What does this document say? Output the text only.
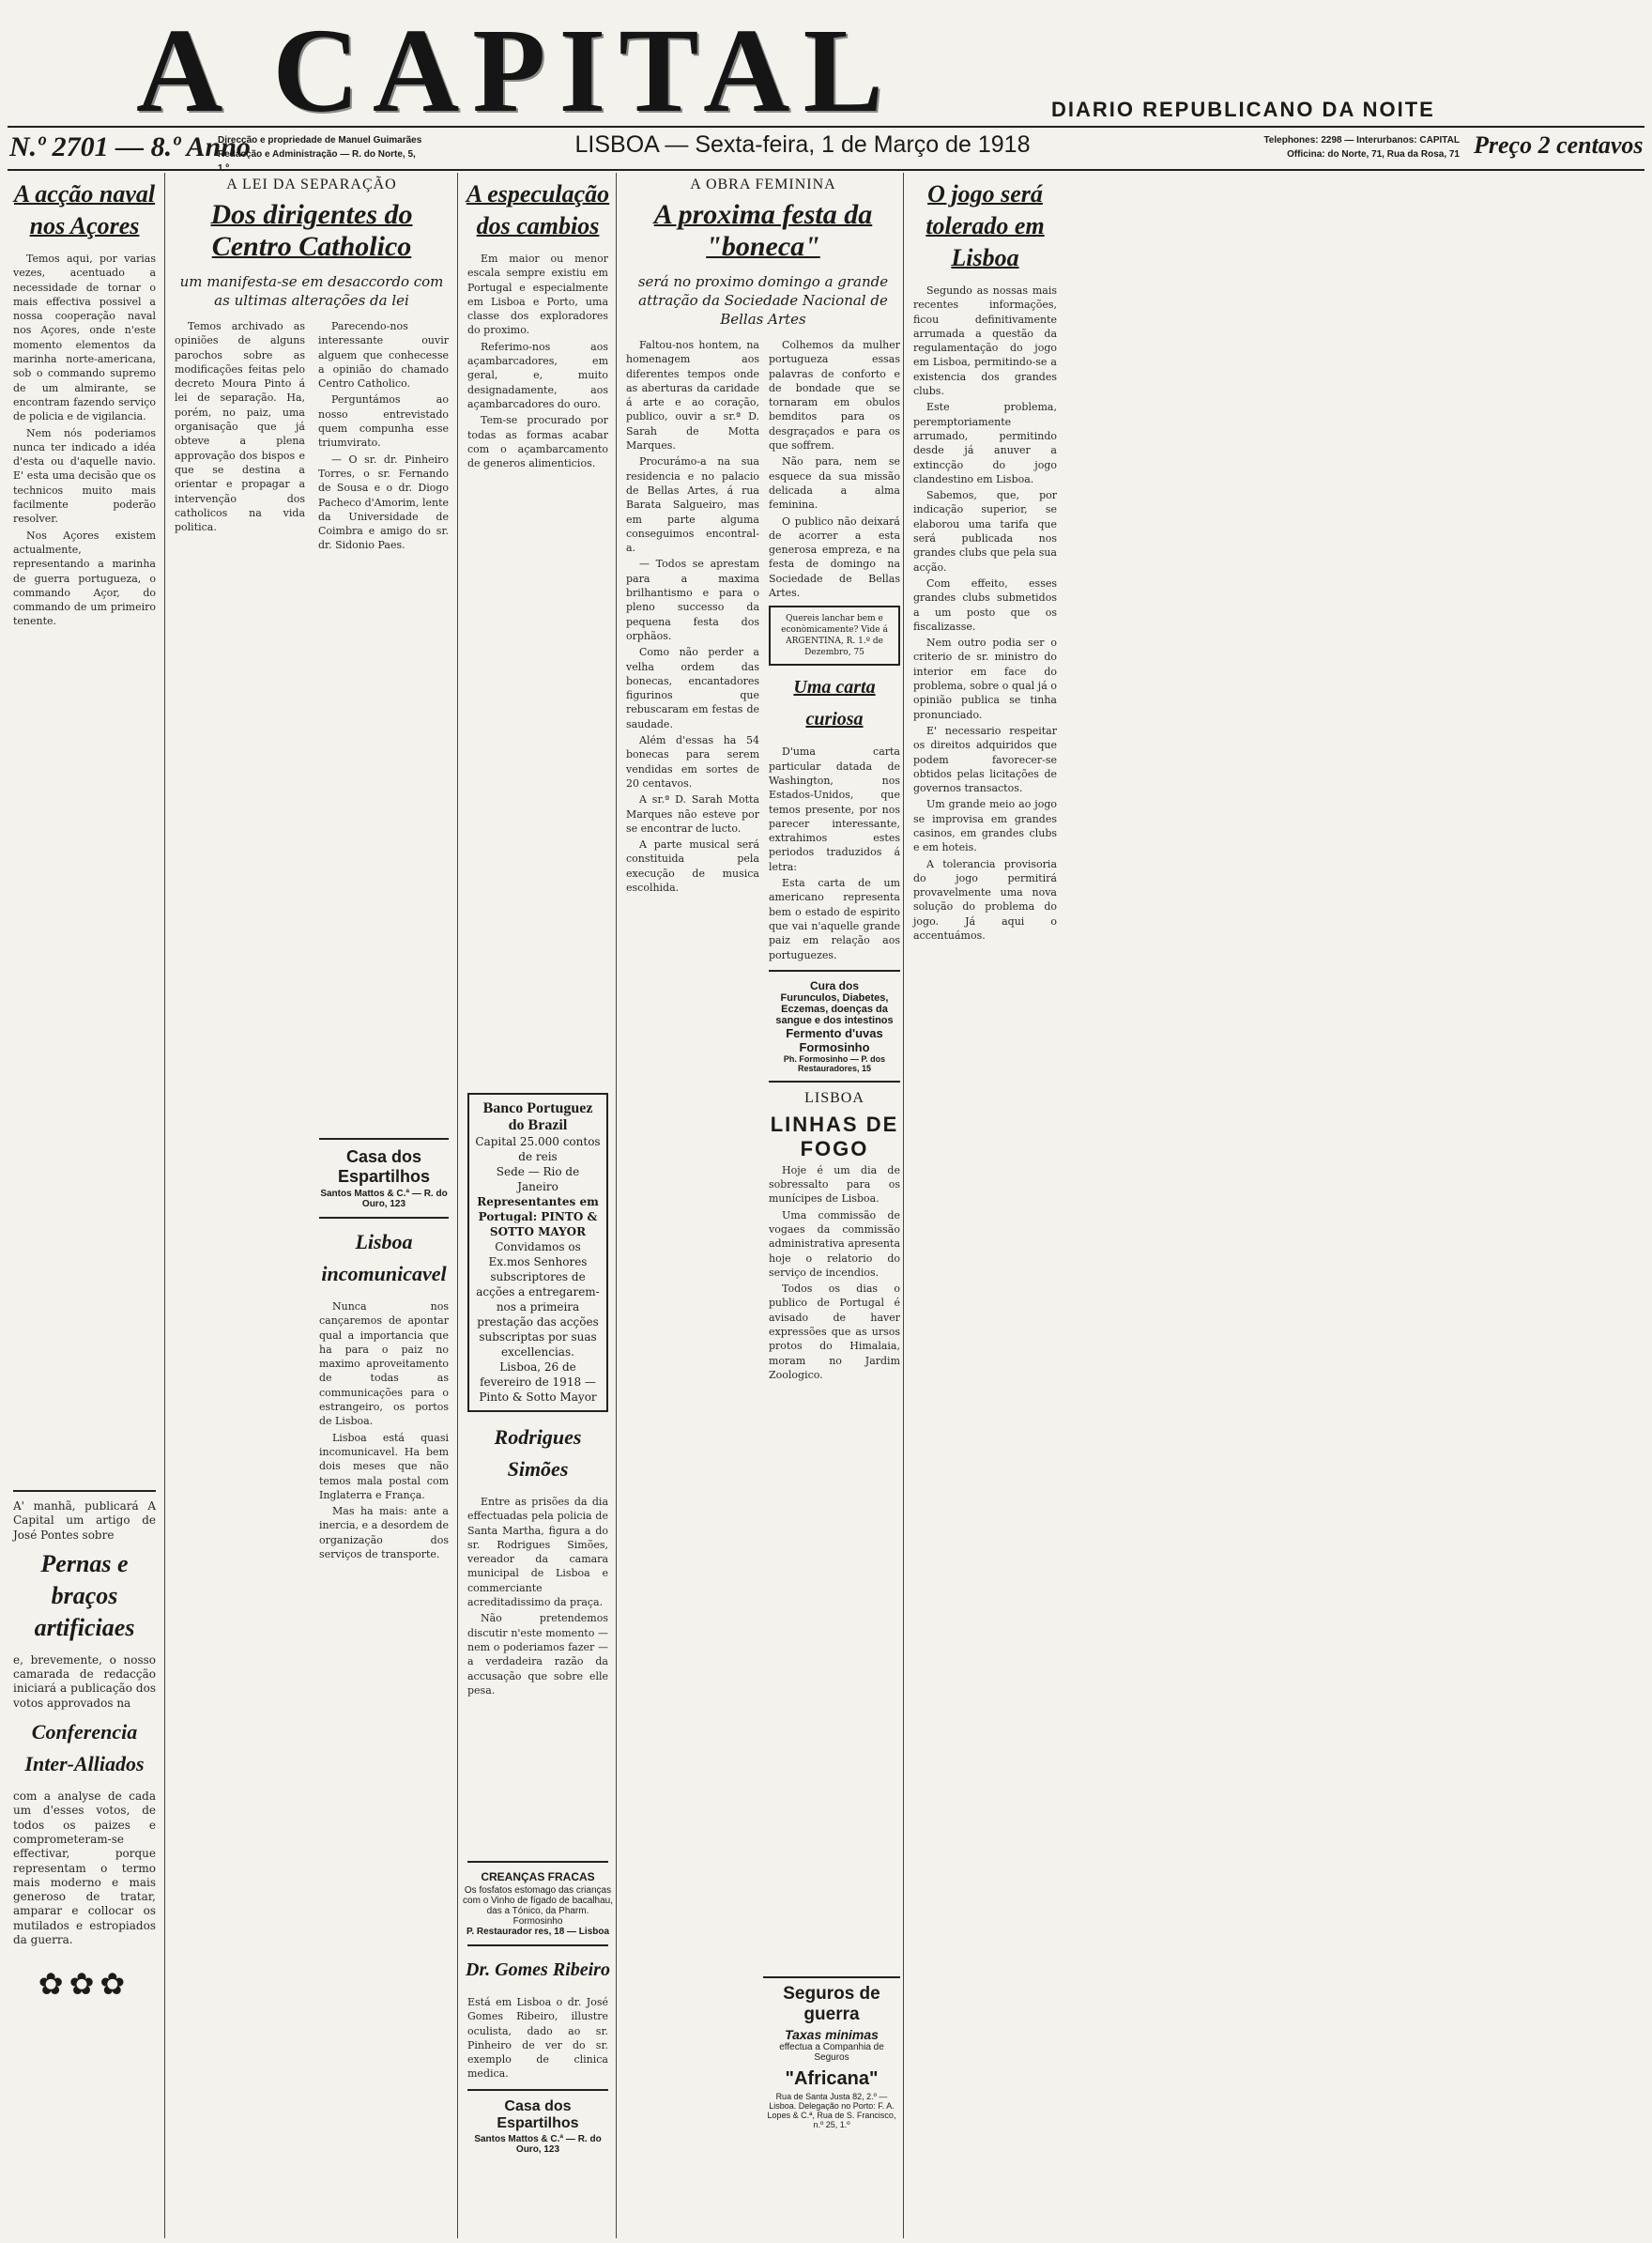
A CAPITAL	DIARIO REPUBLICANO DA NOITE
N.º 2701 — 8.º Anno
Direcção e propriedade de Manuel Guimarães
Redacção e Administração — R. do Norte, 5, 1.º
LISBOA — Sexta-feira, 1 de Março de 1918	Telephones: 2298 — Interurbanos: CAPITAL
Officina: do Norte, 71, Rua da Rosa, 71 Preço 2 centavos
A acção naval nos Açores

Temos aqui, por varias vezes, acentuado a necessidade de tornar o mais effectiva possivel a nossa cooperação naval nos Açores, onde n'este momento elementos da marinha norte-americana, sob o commando supremo de um almirante, se encontram fazendo serviço de policia e de vigilancia.

Nem nós poderiamos nunca ter indicado a idéa d'esta ou d'aquelle navio. E' esta uma decisão que os technicos muito mais facilmente poderão resolver.

Nos Açores existem actualmente, representando a marinha de guerra portugueza, o commando Açor, do commando de um primeiro tenente.

A' manhã, publicará A Capital um artigo de José Pontes sobre
Pernas e braços artificiaes
e, brevemente, o nosso camarada de redacção iniciará a publicação dos votos approvados na
Conferencia Inter-Alliados
com a analyse de cada um d'esses votos, de todos os paizes e comprometeram-se effectivar, porque representam o termo mais moderno e mais generoso de tratar, amparar e collocar os mutilados e estropiados da guerra.
✿✿✿
A LEI DA SEPARAÇÃO
Dos dirigentes do Centro Catholico
um manifesta-se em desaccordo com as ultimas alterações da lei

Temos archivado as opiniões de alguns parochos sobre as modificações feitas pelo decreto Moura Pinto á lei de separação. Ha, porém, no paiz, uma organisação que já obteve a plena approvação dos bispos e que se destina a orientar e propagar a intervenção dos catholicos na vida politica.

Parecendo-nos interessante ouvir alguem que conhecesse a opinião do chamado Centro Catholico.

Perguntámos ao nosso entrevistado quem compunha esse triumvirato.

— O sr. dr. Pinheiro Torres, o sr. Fernando de Sousa e o dr. Diogo Pacheco d'Amorim, lente da Universidade de Coimbra e amigo do sr. dr. Sidonio Paes.

Casa dos Espartilhos
Santos Mattos & C.ª — R. do Ouro, 123
Lisboa incomunicavel

Nunca nos cançaremos de apontar qual a importancia que ha para o paiz no maximo aproveitamento de todas as communicações para o estrangeiro, os portos de Lisboa.

Lisboa está quasi incomunicavel. Ha bem dois meses que não temos mala postal com Inglaterra e França.

Mas ha mais: ante a inercia, e a desordem de organização dos serviços de transporte.

A especulação dos cambios

Em maior ou menor escala sempre existiu em Portugal e especialmente em Lisboa e Porto, uma classe dos exploradores do proximo.

Referimo-nos aos açambarcadores, em geral, e, muito designadamente, aos açambarcadores do ouro.

Tem-se procurado por todas as formas acabar com o açambarcamento de generos alimenticios.

Banco Portuguez do Brazil
Capital 25.000 contos de reis
Sede — Rio de Janeiro
Representantes em Portugal: PINTO & SOTTO MAYOR
Convidamos os Ex.mos Senhores subscriptores de acções a entregarem-nos a primeira prestação das acções subscriptas por suas excellencias.
Lisboa, 26 de fevereiro de 1918 — Pinto & Sotto Mayor
Rodrigues Simões

Entre as prisões da dia effectuadas pela policia de Santa Martha, figura a do sr. Rodrigues Simões, vereador da camara municipal de Lisboa e commerciante acreditadissimo da praça.

Não pretendemos discutir n'este momento — nem o poderiamos fazer — a verdadeira razão da accusação que sobre elle pesa.

CREANÇAS FRACAS
Os fosfatos estomago das crianças com o Vinho de fígado de bacalhau, das a Tónico, da Pharm. Formosinho
P. Restaurador res, 18 — Lisboa
Dr. Gomes Ribeiro
Está em Lisboa o dr. José Gomes Ribeiro, illustre oculista, dado ao sr. Pinheiro de ver do sr. exemplo de clinica medica.
Casa dos Espartilhos
Santos Mattos & C.ª — R. do Ouro, 123
A OBRA FEMININA
A proxima festa da "boneca"
será no proximo domingo a grande attração da Sociedade Nacional de Bellas Artes

Faltou-nos hontem, na homenagem aos diferentes tempos onde as aberturas da caridade á arte e ao coração, publico, ouvir a sr.ª D. Sarah de Motta Marques.

Procurámo-a na sua residencia e no palacio de Bellas Artes, á rua Barata Salgueiro, mas em parte alguma conseguimos encontral-a.

— Todos se aprestam para a maxima brilhantismo e para o pleno successo da pequena festa dos orphãos.

Como não perder a velha ordem das bonecas, encantadores figurinos que rebuscaram em festas de saudade.

Além d'essas ha 54 bonecas para serem vendidas em sortes de 20 centavos.

A sr.ª D. Sarah Motta Marques não esteve por se encontrar de lucto.

A parte musical será constituida pela execução de musica escolhida.

Colhemos da mulher portugueza essas palavras de conforto e de bondade que se tornaram em obulos bemditos para os desgraçados e para os que soffrem.

Não para, nem se esquece da sua missão delicada a alma feminina.

O publico não deixará de acorrer a esta generosa empreza, e na festa de domingo na Sociedade de Bellas Artes.

Quereis lanchar bem e econòmicamente? Vide á ARGENTINA, R. 1.º de Dezembro, 75
Uma carta curiosa

D'uma carta particular datada de Washington, nos Estados-Unidos, que temos presente, por nos parecer interessante, extrahimos estes periodos traduzidos á letra:

Esta carta de um americano representa bem o estado de espirito que vai n'aquelle grande paiz em relação aos portuguezes.

Cura dos
Furunculos, Diabetes, Eczemas, doenças da sangue e dos intestinos
Fermento d'uvas Formosinho
Ph. Formosinho — P. dos Restauradores, 15
LISBOA
LINHAS DE FOGO

Hoje é um dia de sobressalto para os munícipes de Lisboa.

Uma commissão de vogaes da commissão administrativa apresenta hoje o relatorio do serviço de incendios.

Todos os dias o publico de Portugal é avisado de haver expressões que as ursos protos do Himalaia, moram no Jardim Zoologico.

Seguros de guerra
Taxas minimas
effectua a Companhia de Seguros
"Africana"
Rua de Santa Justa 82, 2.º — Lisboa. Delegação no Porto: F. A. Lopes & C.ª, Rua de S. Francisco, n.º 25, 1.º
O jogo será tolerado em Lisboa

Segundo as nossas mais recentes informações, ficou definitivamente arrumada a questão da regulamentação do jogo em Lisboa, permitindo-se a existencia dos grandes clubs.

Este problema, peremptoriamente arrumado, permitindo desde já anuver a extincção do jogo clandestino em Lisboa.

Sabemos, que, por indicação superior, se elaborou uma tarifa que será publicada nos grandes clubs que pela sua acção.

Com effeito, esses grandes clubs submetidos a um posto que os fiscalizasse.

Nem outro podia ser o criterio de sr. ministro do interior em face do problema, sobre o qual já o opinião publica se tinha pronunciado.

E' necessario respeitar os direitos adquiridos que podem favorecer-se obtidos pelas licitações de governos transactos.

Um grande meio ao jogo se improvisa em grandes casinos, em grandes clubs e em hoteis.

A tolerancia provisoria do jogo permitirá provavelmente uma nova solução do problema do jogo. Já aqui o accentuámos.
